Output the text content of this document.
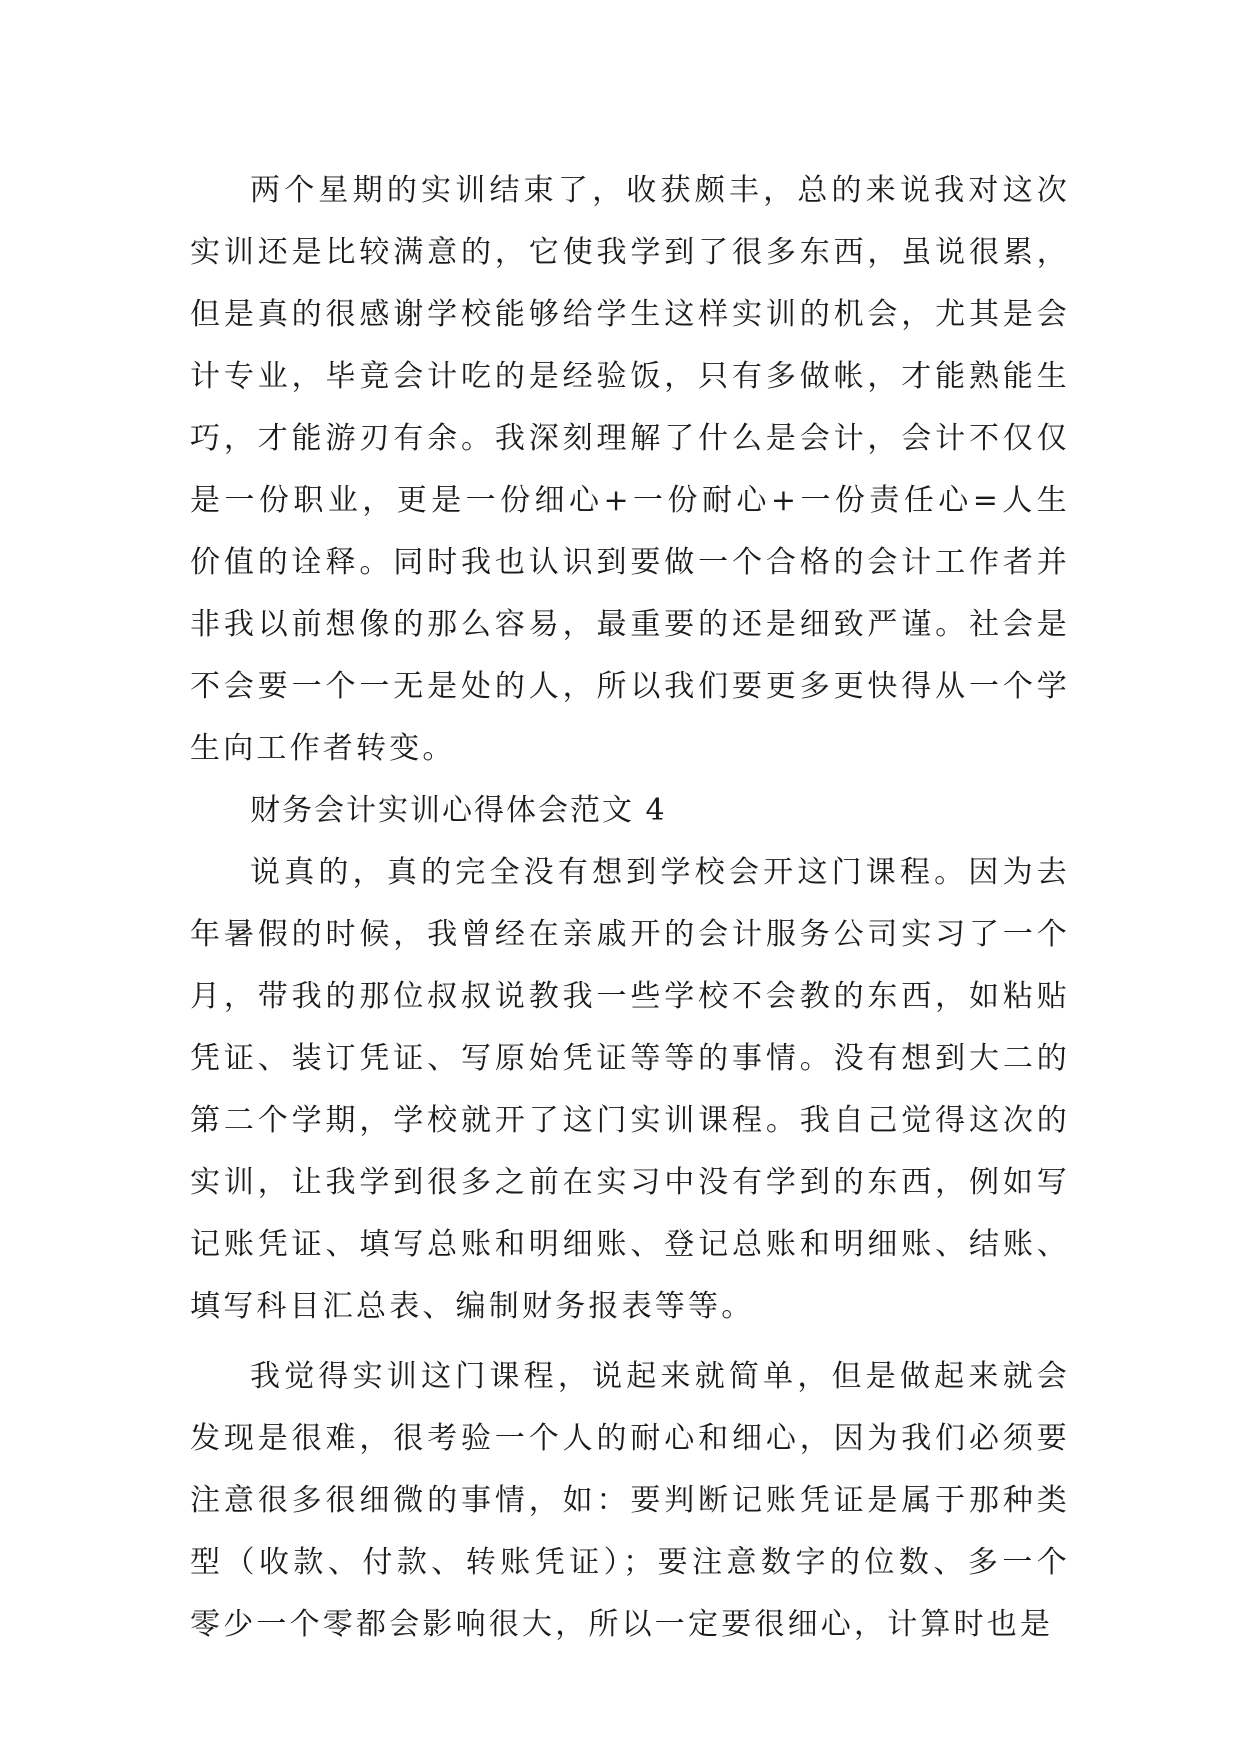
两个星期的实训结束了，收获颇丰，总的来说我对这次实训还是比较满意的，它使我学到了很多东西，虽说很累，但是真的很感谢学校能够给学生这样实训的机会，尤其是会计专业，毕竟会计吃的是经验饭，只有多做帐，才能熟能生巧，才能游刃有余。我深刻理解了什么是会计，会计不仅仅是一份职业，更是一份细心+一份耐心+一份责任心=人生价值的诠释。同时我也认识到要做一个合格的会计工作者并非我以前想像的那么容易，最重要的还是细致严谨。社会是不会要一个一无是处的人，所以我们要更多更快得从一个学生向工作者转变。

财务会计实训心得体会范文 4

说真的，真的完全没有想到学校会开这门课程。因为去年暑假的时候，我曾经在亲戚开的会计服务公司实习了一个月，带我的那位叔叔说教我一些学校不会教的东西，如粘贴凭证、装订凭证、写原始凭证等等的事情。没有想到大二的第二个学期，学校就开了这门实训课程。我自己觉得这次的实训，让我学到很多之前在实习中没有学到的东西，例如写记账凭证、填写总账和明细账、登记总账和明细账、结账、填写科目汇总表、编制财务报表等等。

我觉得实训这门课程，说起来就简单，但是做起来就会发现是很难，很考验一个人的耐心和细心，因为我们必须要注意很多很细微的事情，如：要判断记账凭证是属于那种类型（收款、付款、转账凭证）；要注意数字的位数、多一个零少一个零都会影响很大，所以一定要很细心，计算时也是
